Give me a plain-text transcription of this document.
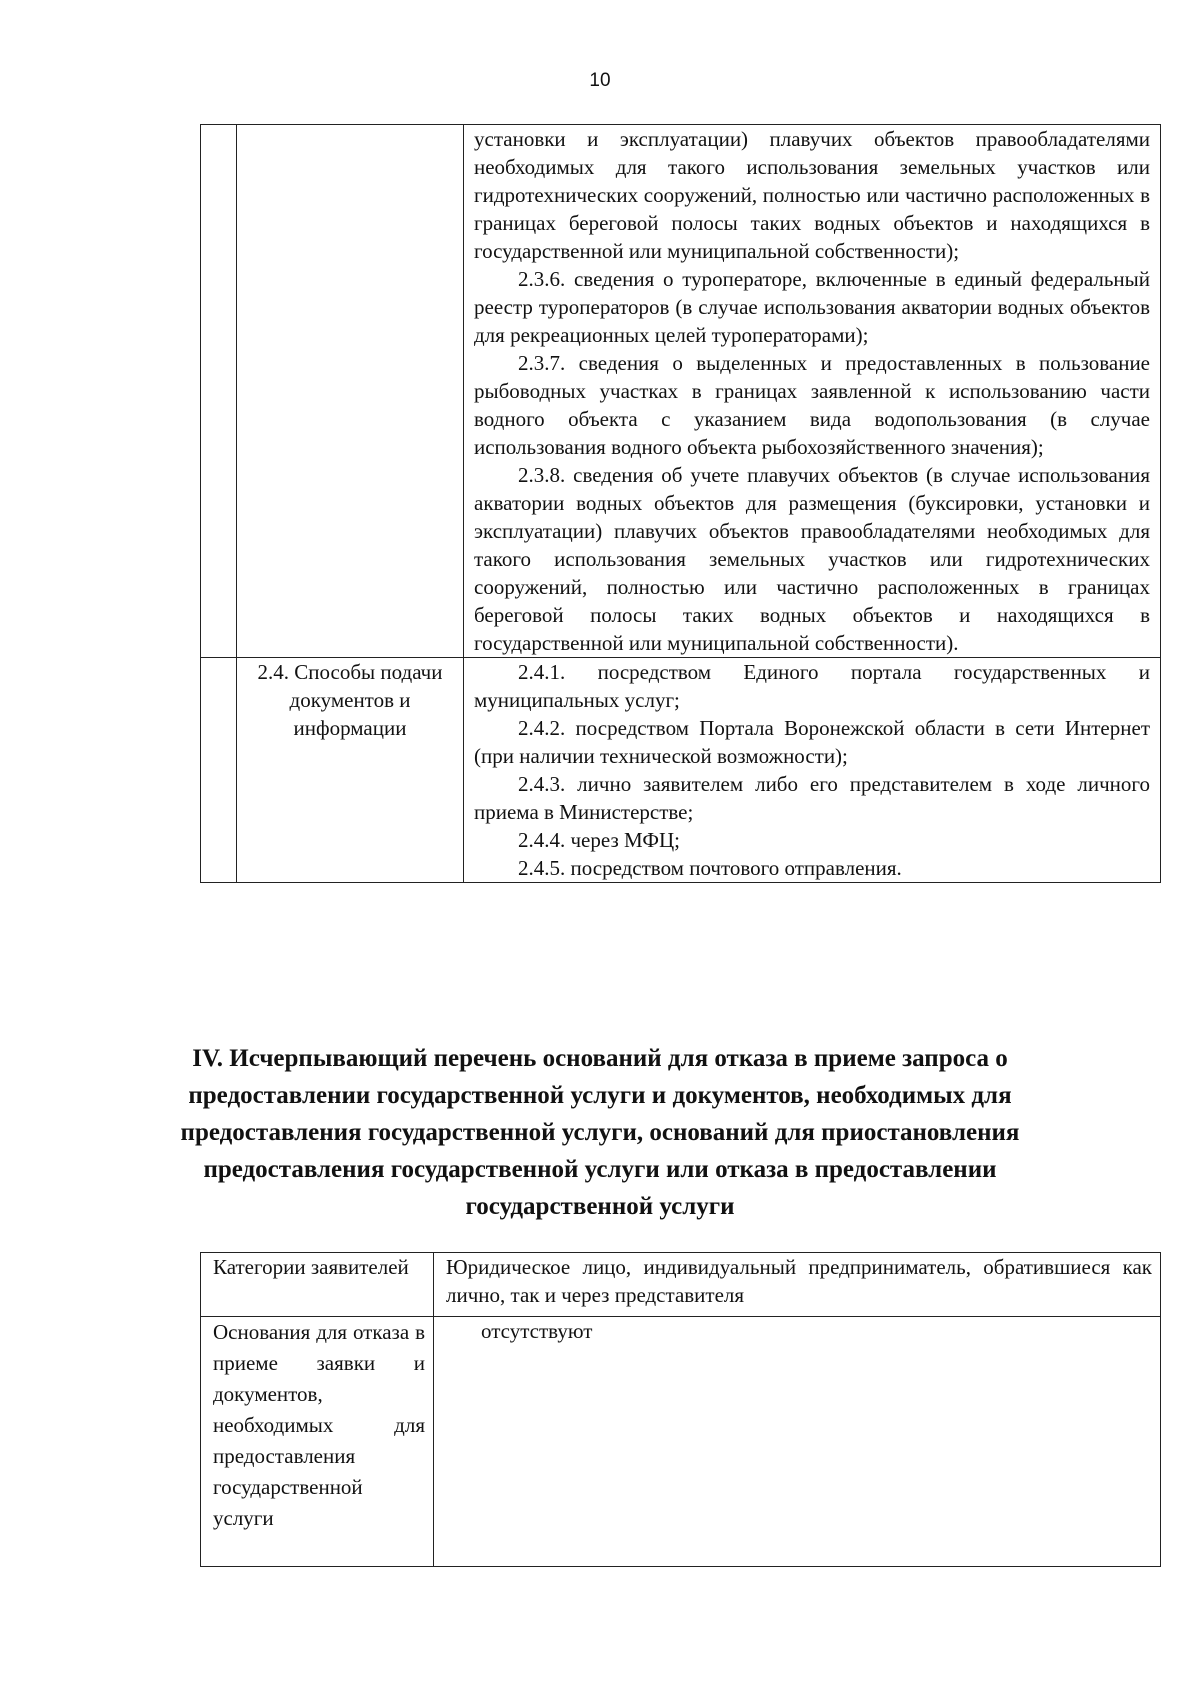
10

		установки и эксплуатации) плавучих объектов правообладателями необходимых для такого использования земельных участков или гидротехнических сооружений, полностью или частично расположенных в границах береговой полосы таких водных объектов и находящихся в государственной или муниципальной собственности);

2.3.6. сведения о туроператоре, включенные в единый федеральный реестр туроператоров (в случае использования акватории водных объектов для рекреационных целей туроператорами);

2.3.7. сведения о выделенных и предоставленных в пользование рыбоводных участках в границах заявленной к использованию части водного объекта с указанием вида водопользования (в случае использования водного объекта рыбохозяйственного значения);

2.3.8. сведения об учете плавучих объектов (в случае использования акватории водных объектов для размещения (буксировки, установки и эксплуатации) плавучих объектов правообладателями необходимых для такого использования земельных участков или гидротехнических сооружений, полностью или частично расположенных в границах береговой полосы таких водных объектов и находящихся в государственной или муниципальной собственности).

	2.4. Способы подачи документов и информации	2.4.1. посредством Единого портала государственных и муниципальных услуг;

2.4.2. посредством Портала Воронежской области в сети Интернет (при наличии технической возможности);

2.4.3. лично заявителем либо его представителем в ходе личного приема в Министерстве;

2.4.4. через МФЦ;

2.4.5. посредством почтового отправления.

IV. Исчерпывающий перечень оснований для отказа в приеме запроса о предоставлении государственной услуги и документов, необходимых для предоставления государственной услуги, оснований для приостановления предоставления государственной услуги или отказа в предоставлении государственной услуги
Категории заявителей	Юридическое лицо, индивидуальный предприниматель, обратившиеся как лично, так и через представителя

Основания для отказа в приеме заявки и документов, необходимых для предоставления государственной услуги	отсутствуют
